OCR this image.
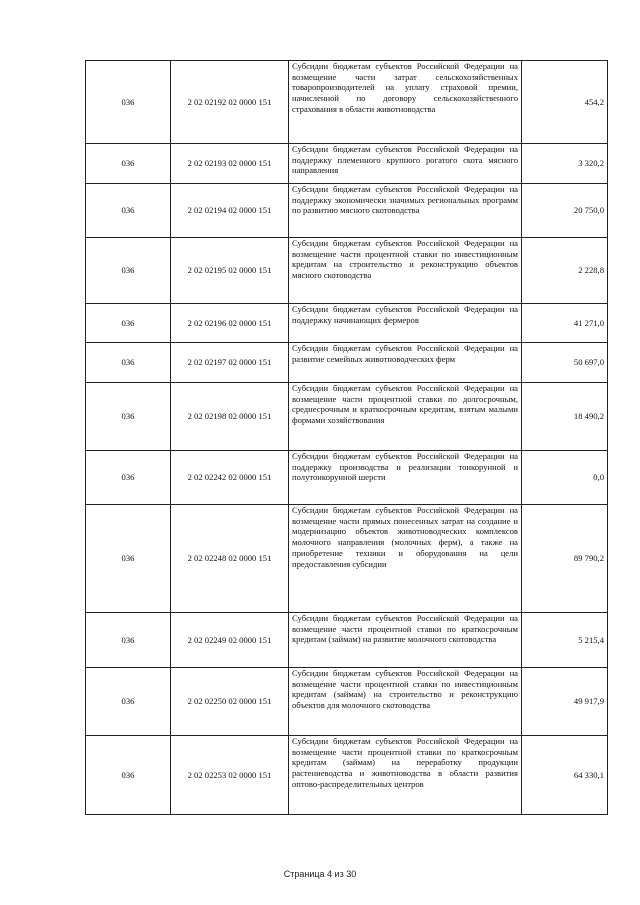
036	2 02 02192 02 0000 151	Субсидии бюджетам субъектов Российской Федерации на возмещение части затрат сельскохозяйственных товаропроизводителей на уплату страховой премии, начисленной по договору сельскохозяйственного страхования в области животноводства	454,2
036	2 02 02193 02 0000 151	Субсидии бюджетам субъектов Российской Федерации на поддержку племенного крупного рогатого скота мясного направления	3 320,2
036	2 02 02194 02 0000 151	Субсидии бюджетам субъектов Российской Федерации на поддержку экономически значимых региональных программ по развитию мясного скотоводства	20 750,0
036	2 02 02195 02 0000 151	Субсидии бюджетам субъектов Российской Федерации на возмещение части процентной ставки по инвестиционным кредитам на строительство и реконструкцию объектов мясного скотоводства	2 228,8
036	2 02 02196 02 0000 151	Субсидии бюджетам субъектов Российской Федерации на поддержку начинающих фермеров	41 271,0
036	2 02 02197 02 0000 151	Субсидии бюджетам субъектов Российской Федерации на развитие семейных животноводческих ферм	50 697,0
036	2 02 02198 02 0000 151	Субсидии бюджетам субъектов Российской Федерации на возмещение части процентной ставки по долгосрочным, среднесрочным и краткосрочным кредитам, взятым малыми формами хозяйствования	18 490,2
036	2 02 02242 02 0000 151	Субсидии бюджетам субъектов Российской Федерации на поддержку производства и реализации тонкорунной и полутонкорунной шерсти	0,0
036	2 02 02248 02 0000 151	Субсидии бюджетам субъектов Российской Федерации на возмещение части прямых понесенных затрат на создание и модернизацию объектов животноводческих комплексов молочного направления (молочных ферм), а также на приобретение техники и оборудования на цели предоставления субсидии	89 790,2
036	2 02 02249 02 0000 151	Субсидии бюджетам субъектов Российской Федерации на возмещение части процентной ставки по краткосрочным кредитам (займам) на развитие молочного скотоводства	5 215,4
036	2 02 02250 02 0000 151	Субсидии бюджетам субъектов Российской Федерации на возмещение части процентной ставки по инвестиционным кредитам (займам) на строительство и реконструкцию объектов для молочного скотоводства	49 917,9
036	2 02 02253 02 0000 151	Субсидии бюджетам субъектов Российской Федерации на возмещение части процентной ставки по краткосрочным кредитам (займам) на переработку продукции растениеводства и животноводства в области развития оптово-распределительных центров	64 330,1
Страница 4 из 30
